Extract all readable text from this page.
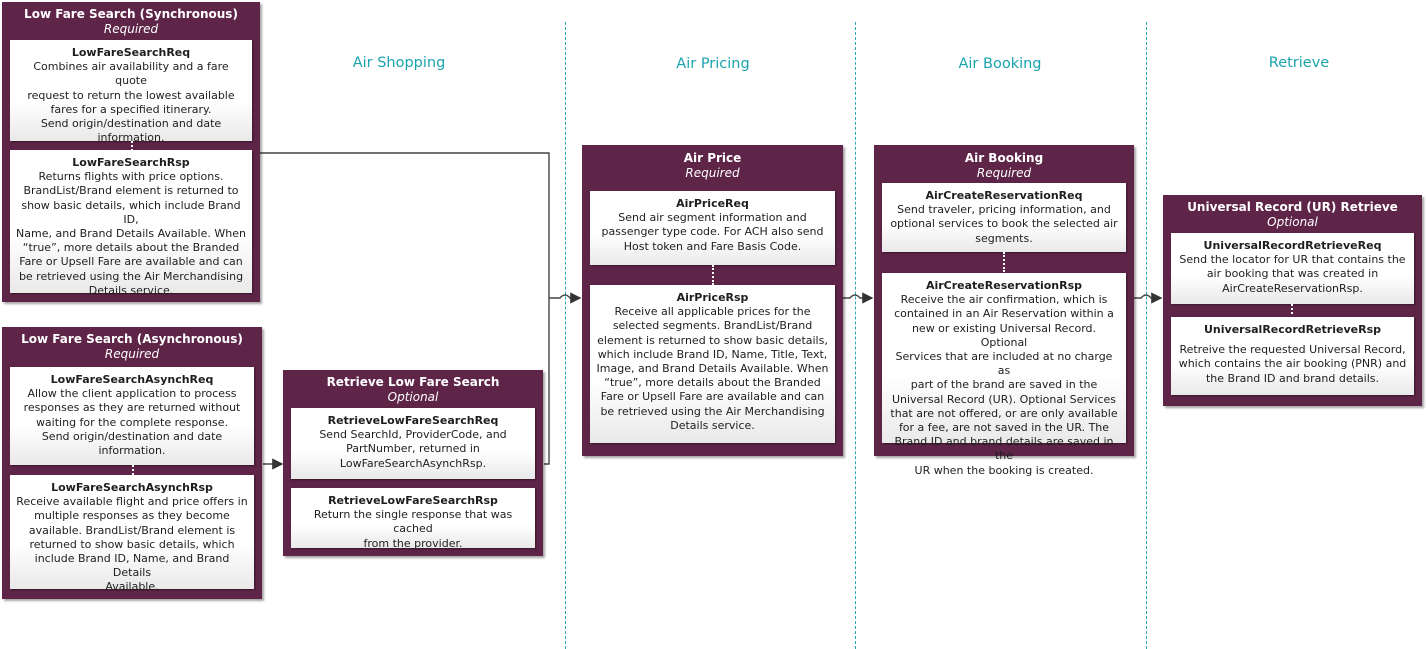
Air Shopping	Air Pricing	Air Booking	Retrieve
Low Fare Search (Synchronous)
Required
LowFareSearchReq
Combines air availability and a fare quote
request to return the lowest available
fares for a specified itinerary.
Send origin/destination and date
information.
LowFareSearchRsp
Returns flights with price options.
BrandList/Brand element is returned to
show basic details, which include Brand ID,
Name, and Brand Details Available. When
“true”, more details about the Branded
Fare or Upsell Fare are available and can
be retrieved using the Air Merchandising
Details service.
Low Fare Search (Asynchronous)
Required
LowFareSearchAsynchReq
Allow the client application to process
responses as they are returned without
waiting for the complete response.
Send origin/destination and date
information.
LowFareSearchAsynchRsp
Receive available flight and price offers in
multiple responses as they become
available. BrandList/Brand element is
returned to show basic details, which
include Brand ID, Name, and Brand Details
Available.
Retrieve Low Fare Search
Optional
RetrieveLowFareSearchReq
Send SearchId, ProviderCode, and
PartNumber, returned in
LowFareSearchAsynchRsp.
RetrieveLowFareSearchRsp
Return the single response that was cached
from the provider.
Air Price
Required
AirPriceReq
Send air segment information and
passenger type code. For ACH also send
Host token and Fare Basis Code.
AirPriceRsp
Receive all applicable prices for the
selected segments. BrandList/Brand
element is returned to show basic details,
which include Brand ID, Name, Title, Text,
Image, and Brand Details Available. When
“true”, more details about the Branded
Fare or Upsell Fare are available and can
be retrieved using the Air Merchandising
Details service.
Air Booking
Required
AirCreateReservationReq
Send traveler, pricing information, and
optional services to book the selected air
segments.
AirCreateReservationRsp
Receive the air confirmation, which is
contained in an Air Reservation within a
new or existing Universal Record. Optional
Services that are included at no charge as
part of the brand are saved in the
Universal Record (UR). Optional Services
that are not offered, or are only available
for a fee, are not saved in the UR. The
Brand ID and brand details are saved in the
UR when the booking is created.
Universal Record (UR) Retrieve
Optional
UniversalRecordRetrieveReq
Send the locator for UR that contains the
air booking that was created in
AirCreateReservationRsp.
UniversalRecordRetrieveRsp
Retreive the requested Universal Record,
which contains the air booking (PNR) and
the Brand ID and brand details.
